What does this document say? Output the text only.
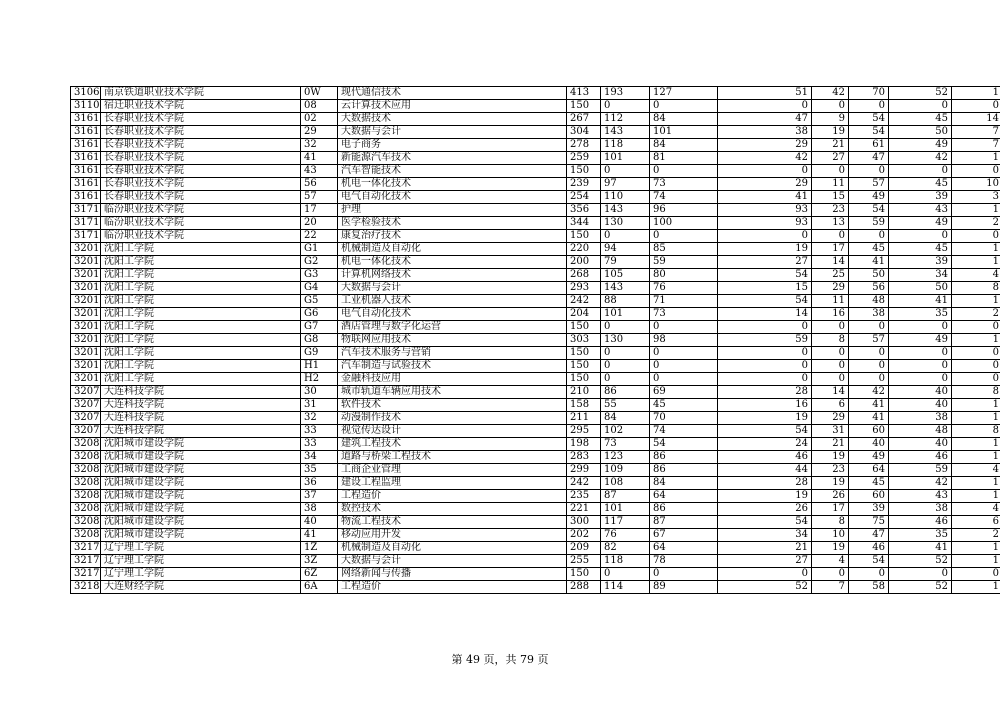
3106	南京铁道职业技术学院	0W	现代通信技术	413	193	127	51	42	70	52	1
3110	宿迁职业技术学院	08	云计算技术应用	150	0	0	0	0	0	0	0
3161	长春职业技术学院	02	大数据技术	267	112	84	47	9	54	45	14
3161	长春职业技术学院	29	大数据与会计	304	143	101	38	19	54	50	7
3161	长春职业技术学院	32	电子商务	278	118	84	29	21	61	49	7
3161	长春职业技术学院	41	新能源汽车技术	259	101	81	42	27	47	42	1
3161	长春职业技术学院	43	汽车智能技术	150	0	0	0	0	0	0	0
3161	长春职业技术学院	56	机电一体化技术	239	97	73	29	11	57	45	10
3161	长春职业技术学院	57	电气自动化技术	254	110	74	41	15	49	39	3
3171	临汾职业技术学院	17	护理	356	143	96	93	23	54	43	1
3171	临汾职业技术学院	20	医学检验技术	344	130	100	93	13	59	49	2
3171	临汾职业技术学院	22	康复治疗技术	150	0	0	0	0	0	0	0
3201	沈阳工学院	G1	机械制造及自动化	220	94	85	19	17	45	45	1
3201	沈阳工学院	G2	机电一体化技术	200	79	59	27	14	41	39	1
3201	沈阳工学院	G3	计算机网络技术	268	105	80	54	25	50	34	4
3201	沈阳工学院	G4	大数据与会计	293	143	76	15	29	56	50	8
3201	沈阳工学院	G5	工业机器人技术	242	88	71	54	11	48	41	1
3201	沈阳工学院	G6	电气自动化技术	204	101	73	14	16	38	35	2
3201	沈阳工学院	G7	酒店管理与数字化运营	150	0	0	0	0	0	0	0
3201	沈阳工学院	G8	物联网应用技术	303	130	98	59	8	57	49	1
3201	沈阳工学院	G9	汽车技术服务与营销	150	0	0	0	0	0	0	0
3201	沈阳工学院	H1	汽车制造与试验技术	150	0	0	0	0	0	0	0
3201	沈阳工学院	H2	金融科技应用	150	0	0	0	0	0	0	0
3207	大连科技学院	30	城市轨道车辆应用技术	210	86	69	28	14	42	40	8
3207	大连科技学院	31	软件技术	158	55	45	16	6	41	40	1
3207	大连科技学院	32	动漫制作技术	211	84	70	19	29	41	38	1
3207	大连科技学院	33	视觉传达设计	295	102	74	54	31	60	48	8
3208	沈阳城市建设学院	33	建筑工程技术	198	73	54	24	21	40	40	1
3208	沈阳城市建设学院	34	道路与桥梁工程技术	283	123	86	46	19	49	46	1
3208	沈阳城市建设学院	35	工商企业管理	299	109	86	44	23	64	59	4
3208	沈阳城市建设学院	36	建设工程监理	242	108	84	28	19	45	42	1
3208	沈阳城市建设学院	37	工程造价	235	87	64	19	26	60	43	1
3208	沈阳城市建设学院	38	数控技术	221	101	86	26	17	39	38	4
3208	沈阳城市建设学院	40	物流工程技术	300	117	87	54	8	75	46	6
3208	沈阳城市建设学院	41	移动应用开发	202	76	67	34	10	47	35	2
3217	辽宁理工学院	1Z	机械制造及自动化	209	82	64	21	19	46	41	1
3217	辽宁理工学院	3Z	大数据与会计	255	118	78	27	4	54	52	1
3217	辽宁理工学院	6Z	网络新闻与传播	150	0	0	0	0	0	0	0
3218	大连财经学院	6A	工程造价	288	114	89	52	7	58	52	1
第 49 页，共 79 页
